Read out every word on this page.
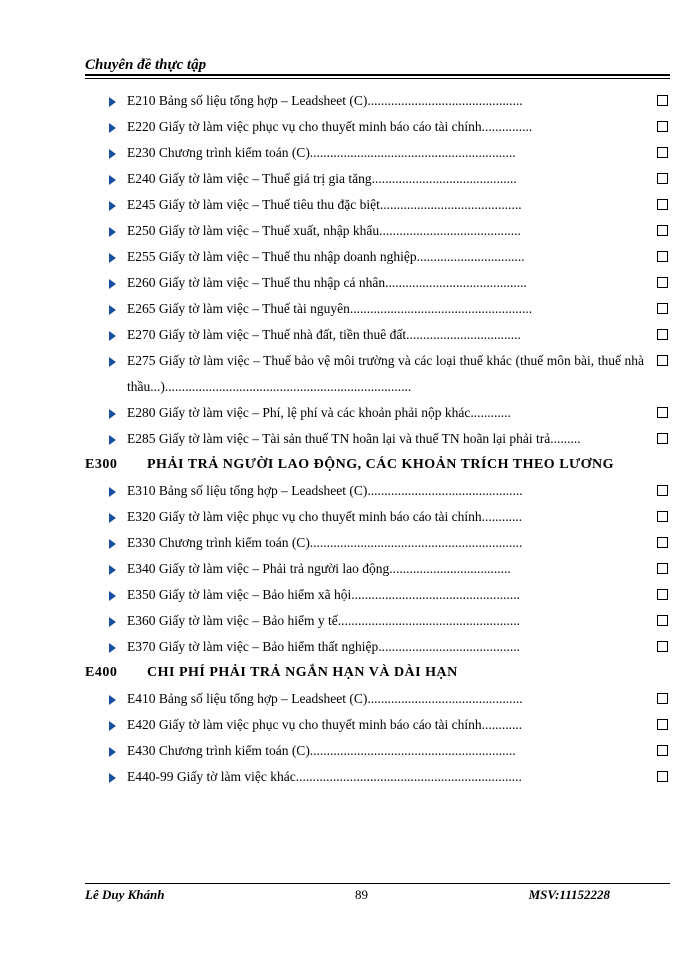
Chuyên đề thực tập
E210 Bảng số liệu tổng hợp – Leadsheet (C)..............................................
E220 Giấy tờ làm việc phục vụ cho thuyết minh báo cáo tài chính...............
E230 Chương trình kiểm toán (C).............................................................
E240 Giấy tờ làm việc – Thuế giá trị gia tăng...........................................
E245 Giấy tờ làm việc – Thuế tiêu thu đặc biệt..........................................
E250 Giấy tờ làm việc – Thuế xuất, nhập khẩu..........................................
E255 Giấy tờ làm việc – Thuế thu nhập doanh nghiệp................................
E260 Giấy tờ làm việc – Thuế thu nhập cá nhân..........................................
E265 Giấy tờ làm việc – Thuế tài nguyên......................................................
E270 Giấy tờ làm việc – Thuế nhà đất, tiền thuê đất..................................
E275 Giấy tờ làm việc – Thuế bảo vệ môi trường và các loại thuế khác (thuế môn bài, thuế nhà thầu...).........................................................................
E280 Giấy tờ làm việc – Phí, lệ phí và các khoản phải nộp khác............
E285 Giấy tờ làm việc – Tài sản thuế TN hoãn lại và thuế TN hoãn lại phải trả.........
E300 PHẢI TRẢ NGƯỜI LAO ĐỘNG, CÁC KHOẢN TRÍCH THEO LƯƠNG
E310 Bảng số liệu tổng hợp – Leadsheet (C)..............................................
E320 Giấy tờ làm việc phục vụ cho thuyết minh báo cáo tài chính............
E330 Chương trình kiểm toán (C)...............................................................
E340 Giấy tờ làm việc – Phải trả người lao động....................................
E350 Giấy tờ làm việc – Bảo hiểm xã hội..................................................
E360 Giấy tờ làm việc – Bảo hiểm y tế......................................................
E370 Giấy tờ làm việc – Bảo hiểm thất nghiệp..........................................
E400 CHI PHÍ PHẢI TRẢ NGẮN HẠN VÀ DÀI HẠN
E410 Bảng số liệu tổng hợp – Leadsheet (C)..............................................
E420 Giấy tờ làm việc phục vụ cho thuyết minh báo cáo tài chính............
E430 Chương trình kiểm toán (C).............................................................
E440-99 Giấy tờ làm việc khác...................................................................
Lê Duy Khánh	89	MSV:11152228
